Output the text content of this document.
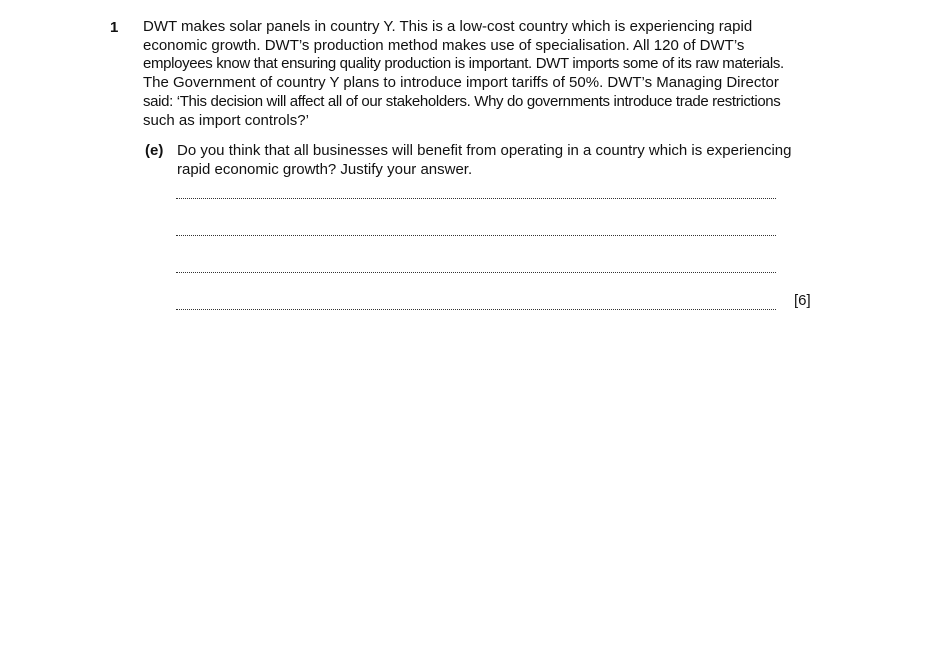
1 DWT makes solar panels in country Y. This is a low-cost country which is experiencing rapid
economic growth. DWT’s production method makes use of specialisation. All 120 of DWT’s
employees know that ensuring quality production is important. DWT imports some of its raw materials.
The Government of country Y plans to introduce import tariffs of 50%. DWT’s Managing Director
said: ‘This decision will affect all of our stakeholders. Why do governments introduce trade restrictions
such as import controls?’
(e) Do you think that all businesses will benefit from operating in a country which is experiencing
rapid economic growth? Justify your answer.
[6]
